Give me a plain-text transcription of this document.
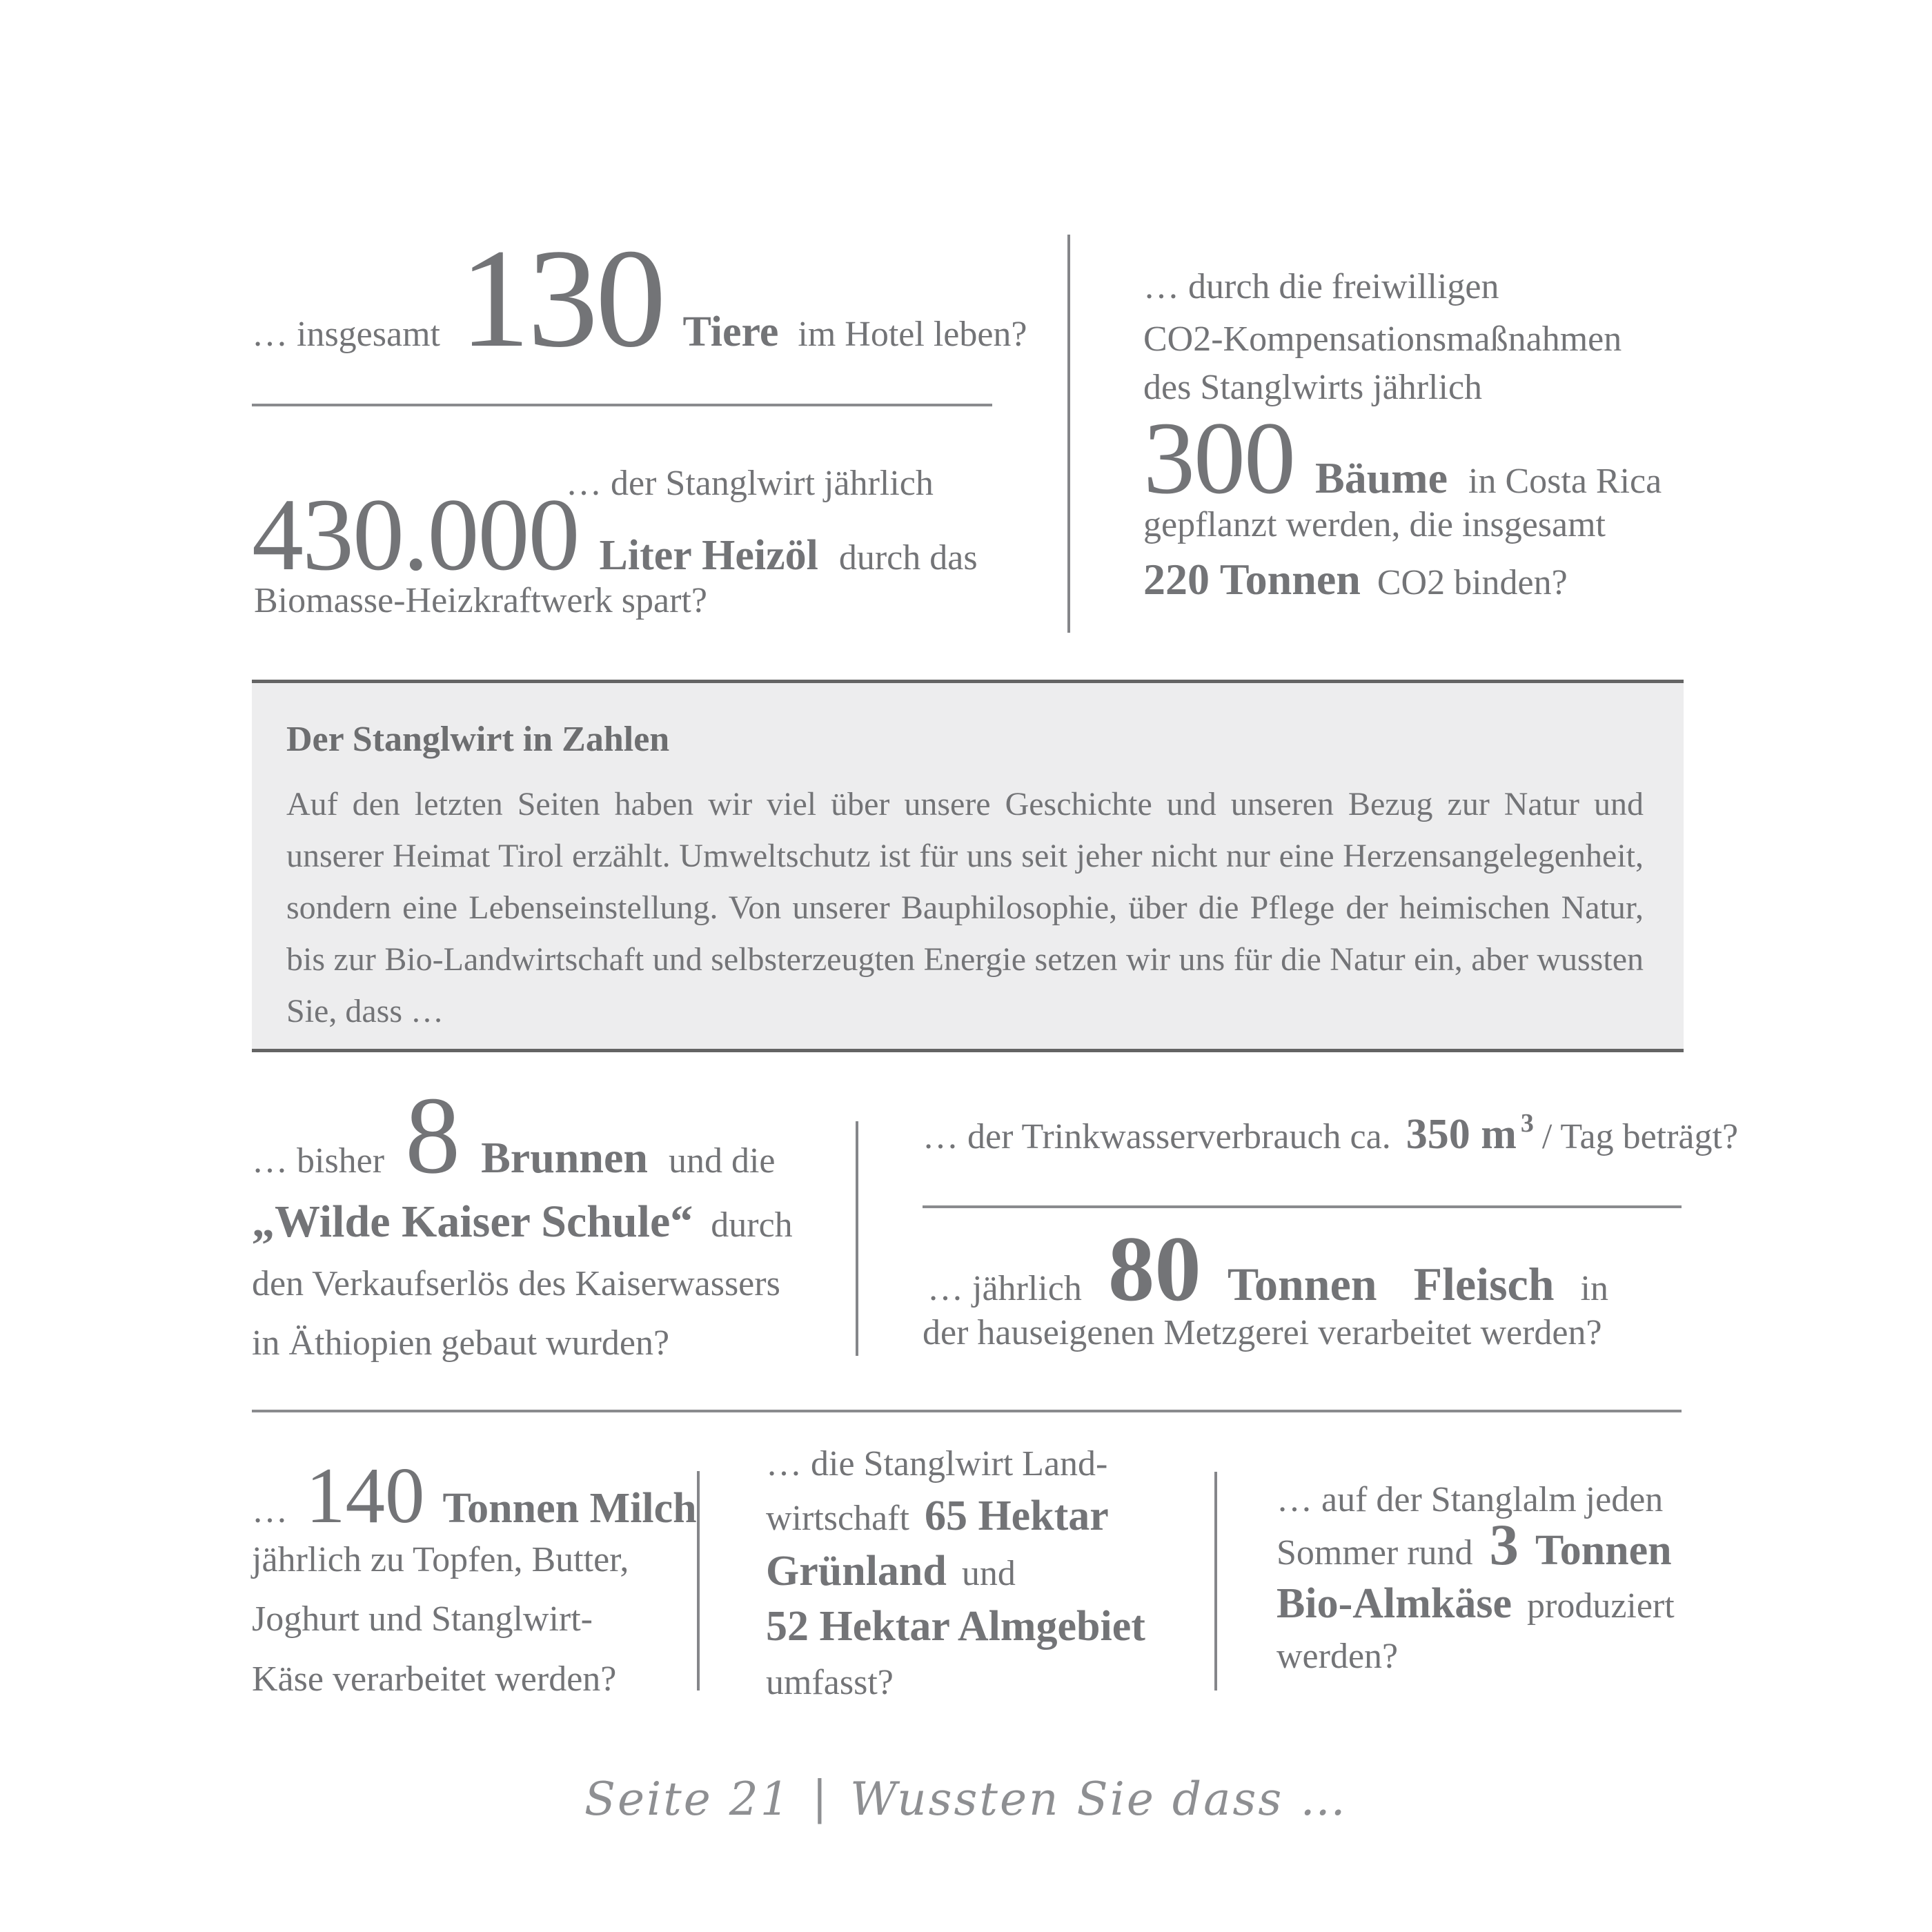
… insgesamt 130 Tiere im Hotel leben?
… der Stanglwirt jährlich
430.000 Liter Heizöl durch das
Biomasse-Heizkraftwerk spart?
… durch die freiwilligen
CO2-Kompensationsmaßnahmen
des Stanglwirts jährlich
300 Bäume in Costa Rica
gepflanzt werden, die insgesamt
220 Tonnen CO2 binden?
Der Stanglwirt in Zahlen

Auf den letzten Seiten haben wir viel über unsere Geschichte und unseren Bezug zur Natur und unserer Heimat Tirol erzählt. Umweltschutz ist für uns seit jeher nicht nur eine Herzensangelegenheit, sondern eine Lebenseinstellung. Von unserer Bauphilosophie, über die Pflege der heimischen Natur, bis zur Bio-Landwirtschaft und selbsterzeugten Energie setzen wir uns für die Natur ein, aber wussten Sie, dass …

… bisher 8 Brunnen und die
„Wilde Kaiser Schule“ durch
den Verkaufserlös des Kaiserwassers
in Äthiopien gebaut wurden?
… der Trinkwasserverbrauch ca. 350 m 3 / Tag beträgt?
… jährlich 80 Tonnen Fleisch in
der hauseigenen Metzgerei verarbeitet werden?
… 140 Tonnen Milch
jährlich zu Topfen, Butter,
Joghurt und Stanglwirt-
Käse verarbeitet werden?
… die Stanglwirt Land-
wirtschaft 65 Hektar
Grünland und
52 Hektar Almgebiet
umfasst?
… auf der Stanglalm jeden
Sommer rund 3 Tonnen
Bio-Almkäse produziert
werden?
Seite 21 | Wussten Sie dass …
